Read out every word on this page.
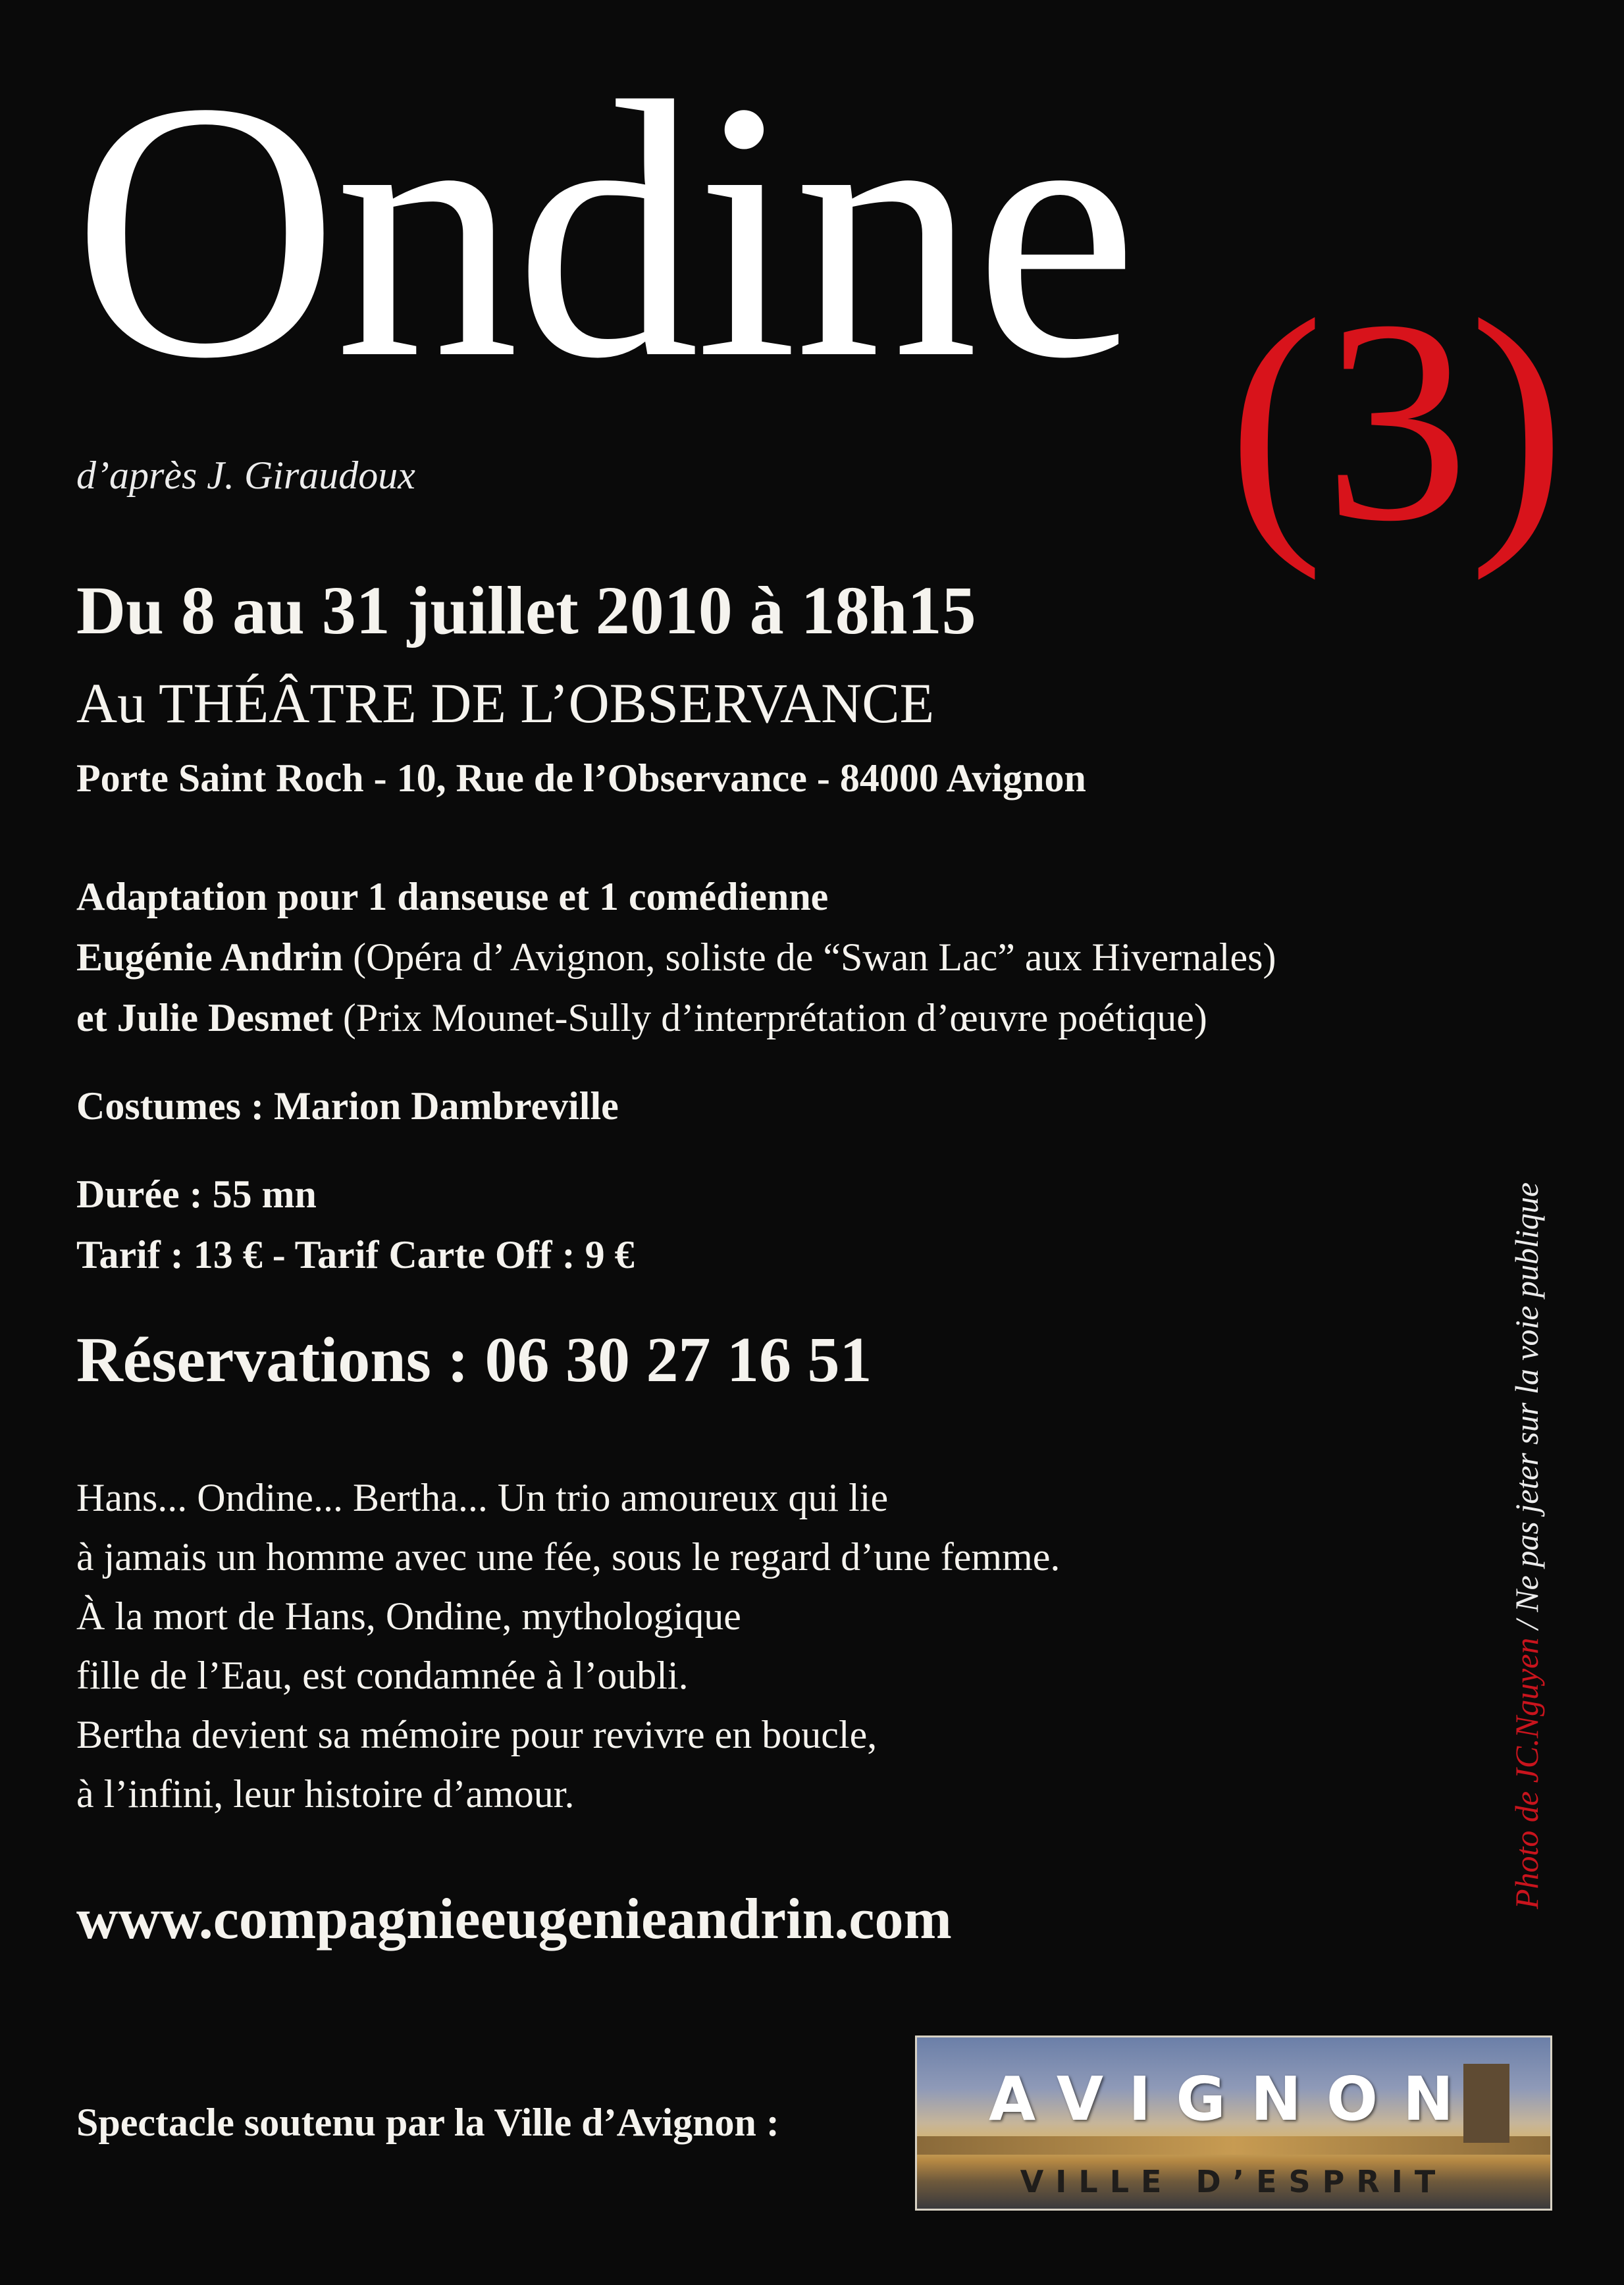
Ondine (3)
d’après J. Giraudoux
Du 8 au 31 juillet 2010 à 18h15
Au THÉÂTRE DE L’OBSERVANCE
Porte Saint Roch - 10, Rue de l’Observance - 84000 Avignon
Adaptation pour 1 danseuse et 1 comédienne
Eugénie Andrin (Opéra d’ Avignon, soliste de “Swan Lac” aux Hivernales)
et Julie Desmet (Prix Mounet-Sully d’interprétation d’œuvre poétique)
Costumes : Marion Dambreville
Durée : 55 mn
Tarif : 13 € - Tarif Carte Off : 9 €
Réservations : 06 30 27 16 51
Hans... Ondine... Bertha... Un trio amoureux qui lie
à jamais un homme avec une fée, sous le regard d’une femme.
À la mort de Hans, Ondine, mythologique
fille de l’Eau, est condamnée à l’oubli.
Bertha devient sa mémoire pour revivre en boucle,
à l’infini, leur histoire d’amour.
www.compagnieeugenieandrin.com
Spectacle soutenu par la Ville d’Avignon :
Photo de JC.Nguyen / Ne pas jeter sur la voie publique
AVIGNON
VILLE D’ESPRIT
